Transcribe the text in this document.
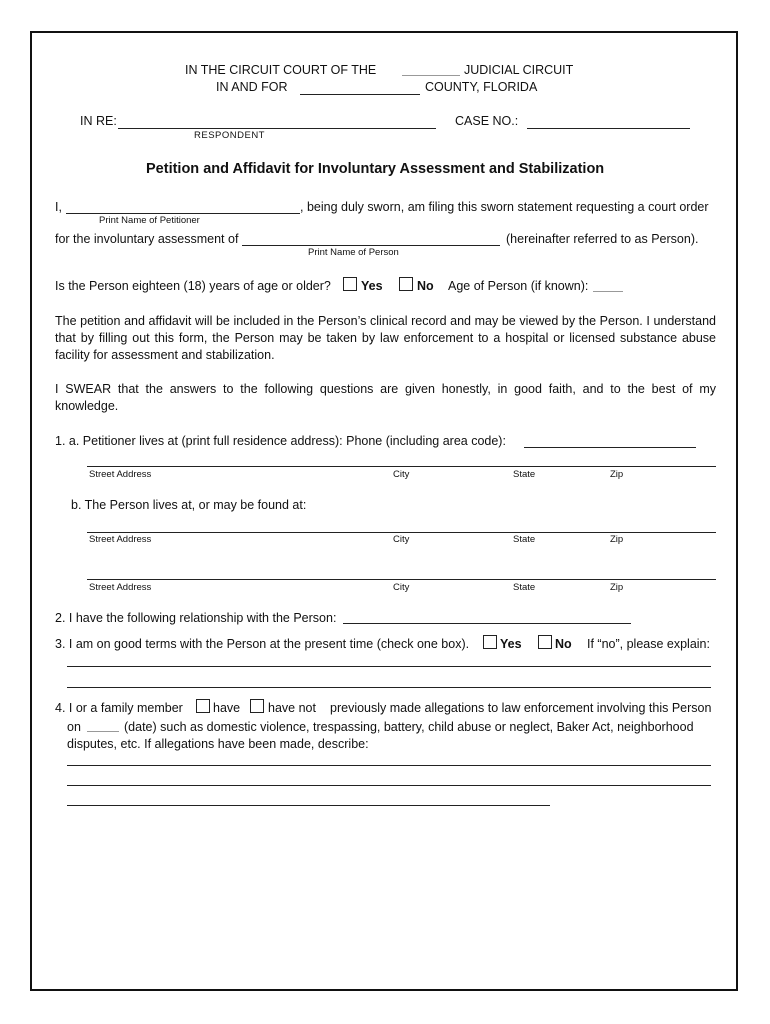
IN THE CIRCUIT COURT OF THE	JUDICIAL CIRCUIT
IN AND FOR	COUNTY, FLORIDA
IN RE:
RESPONDENT
CASE NO.:
Petition and Affidavit for Involuntary Assessment and Stabilization
I,	, being duly sworn, am filing this sworn statement requesting a court order
Print Name of Petitioner
for the involuntary assessment of	(hereinafter referred to as Person).
Print Name of Person
Is the Person eighteen (18) years of age or older? Yes	No Age of Person (if known):
The petition and affidavit will be included in the Person’s clinical record and may be viewed by the Person. I understand that by filling out this form, the Person may be taken by law enforcement to a hospital or licensed substance abuse facility for assessment and stabilization.
I SWEAR that the answers to the following questions are given honestly, in good faith, and to the best of my knowledge.
1. a. Petitioner lives at (print full residence address): Phone (including area code):
Street Address	City	State	Zip
b. The Person lives at, or may be found at:
Street Address	City	State	Zip
Street Address	City	State	Zip
2. I have the following relationship with the Person:
3. I am on good terms with the Person at the present time (check one box). Yes	No If “no”, please explain:
4. I or a family member have have not previously made allegations to law enforcement involving this Person
on	(date) such as domestic violence, trespassing, battery, child abuse or neglect, Baker Act, neighborhood
disputes, etc. If allegations have been made, describe:
